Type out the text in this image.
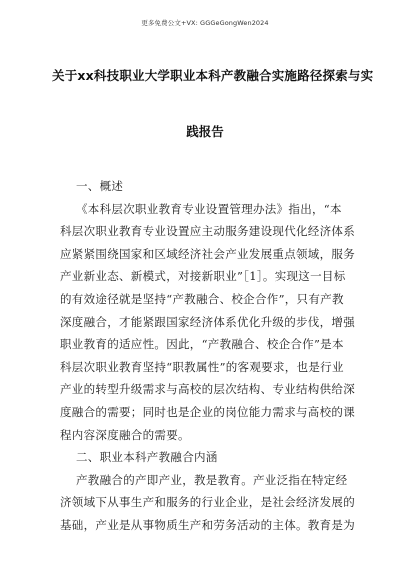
更多免费公文+VX: GGGeGongWen2024
关于xx科技职业大学职业本科产教融合实施路径探索与实
践报告
一、概述
《本科层次职业教育专业设置管理办法》指出，“本
科层次职业教育专业设置应主动服务建设现代化经济体系
应紧紧围绕国家和区域经济社会产业发展重点领域，服务
产业新业态、新模式，对接新职业”［1］。实现这一目标
的有效途径就是坚持“产教融合、校企合作”，只有产教
深度融合，才能紧跟国家经济体系优化升级的步伐，增强
职业教育的适应性。因此，“产教融合、校企合作”是本
科层次职业教育坚持“职教属性”的客观要求，也是行业
产业的转型升级需求与高校的层次结构、专业结构供给深
度融合的需要；同时也是企业的岗位能力需求与高校的课
程内容深度融合的需要。
二、职业本科产教融合内涵
产教融合的产即产业，教是教育。产业泛指在特定经
济领域下从事生产和服务的行业企业，是社会经济发展的
基础，产业是从事物质生产和劳务活动的主体。教育是为
